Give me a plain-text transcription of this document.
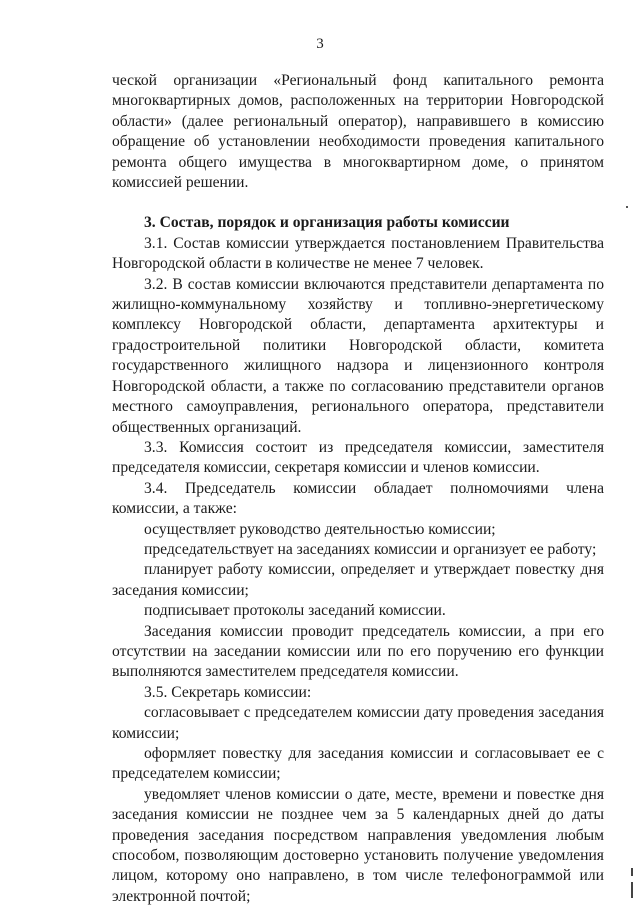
3

ческой организации «Региональный фонд капитального ремонта многоквартирных домов, расположенных на территории Новгородской области» (далее региональный оператор), направившего в комиссию обращение об установлении необходимости проведения капитального ремонта общего имущества в многоквартирном доме, о принятом комиссией решении.

3. Состав, порядок и организация работы комиссии

3.1. Состав комиссии утверждается постановлением Правительства Новгородской области в количестве не менее 7 человек.

3.2. В состав комиссии включаются представители департамента по жилищно-коммунальному хозяйству и топливно-энергетическому комплексу Новгородской области, департамента архитектуры и градостроительной политики Новгородской области, комитета государственного жилищного надзора и лицензионного контроля Новгородской области, а также по согласованию представители органов местного самоуправления, регионального оператора, представители общественных организаций.

3.3. Комиссия состоит из председателя комиссии, заместителя председателя комиссии, секретаря комиссии и членов комиссии.

3.4. Председатель комиссии обладает полномочиями члена комиссии, а также:

осуществляет руководство деятельностью комиссии;

председательствует на заседаниях комиссии и организует ее работу;

планирует работу комиссии, определяет и утверждает повестку дня заседания комиссии;

подписывает протоколы заседаний комиссии.

Заседания комиссии проводит председатель комиссии, а при его отсутствии на заседании комиссии или по его поручению его функции выполняются заместителем председателя комиссии.

3.5. Секретарь комиссии:

согласовывает с председателем комиссии дату проведения заседания комиссии;

оформляет повестку для заседания комиссии и согласовывает ее с председателем комиссии;

уведомляет членов комиссии о дате, месте, времени и повестке дня заседания комиссии не позднее чем за 5 календарных дней до даты проведения заседания посредством направления уведомления любым способом, позволяющим достоверно установить получение уведомления лицом, которому оно направлено, в том числе телефонограммой или электронной почтой;
